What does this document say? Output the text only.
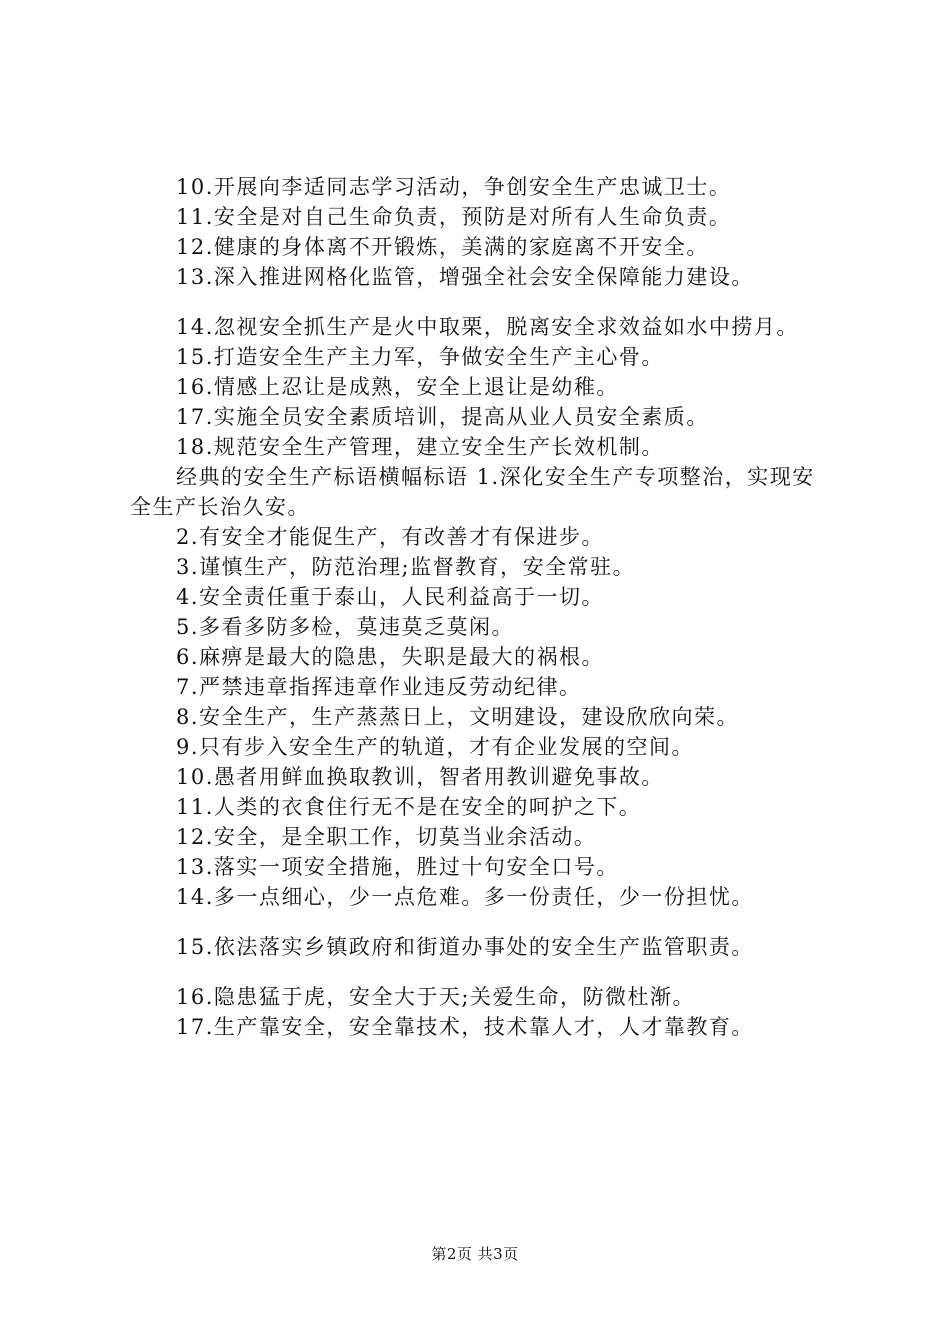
10.开展向李适同志学习活动，争创安全生产忠诚卫士。
11.安全是对自己生命负责，预防是对所有人生命负责。
12.健康的身体离不开锻炼，美满的家庭离不开安全。
13.深入推进网格化监管，增强全社会安全保障能力建设。
14.忽视安全抓生产是火中取栗，脱离安全求效益如水中捞月。
15.打造安全生产主力军，争做安全生产主心骨。
16.情感上忍让是成熟，安全上退让是幼稚。
17.实施全员安全素质培训，提高从业人员安全素质。
18.规范安全生产管理，建立安全生产长效机制。
经典的安全生产标语横幅标语 1.深化安全生产专项整治，实现安全生产长治久安。
2.有安全才能促生产，有改善才有保进步。
3.谨慎生产，防范治理;监督教育，安全常驻。
4.安全责任重于泰山，人民利益高于一切。
5.多看多防多检，莫违莫乏莫闲。
6.麻痹是最大的隐患，失职是最大的祸根。
7.严禁违章指挥违章作业违反劳动纪律。
8.安全生产，生产蒸蒸日上，文明建设，建设欣欣向荣。
9.只有步入安全生产的轨道，才有企业发展的空间。
10.愚者用鲜血换取教训，智者用教训避免事故。
11.人类的衣食住行无不是在安全的呵护之下。
12.安全，是全职工作，切莫当业余活动。
13.落实一项安全措施，胜过十句安全口号。
14.多一点细心，少一点危难。多一份责任，少一份担忧。
15.依法落实乡镇政府和街道办事处的安全生产监管职责。
16.隐患猛于虎，安全大于天;关爱生命，防微杜渐。
17.生产靠安全，安全靠技术，技术靠人才，人才靠教育。
第2页 共3页
